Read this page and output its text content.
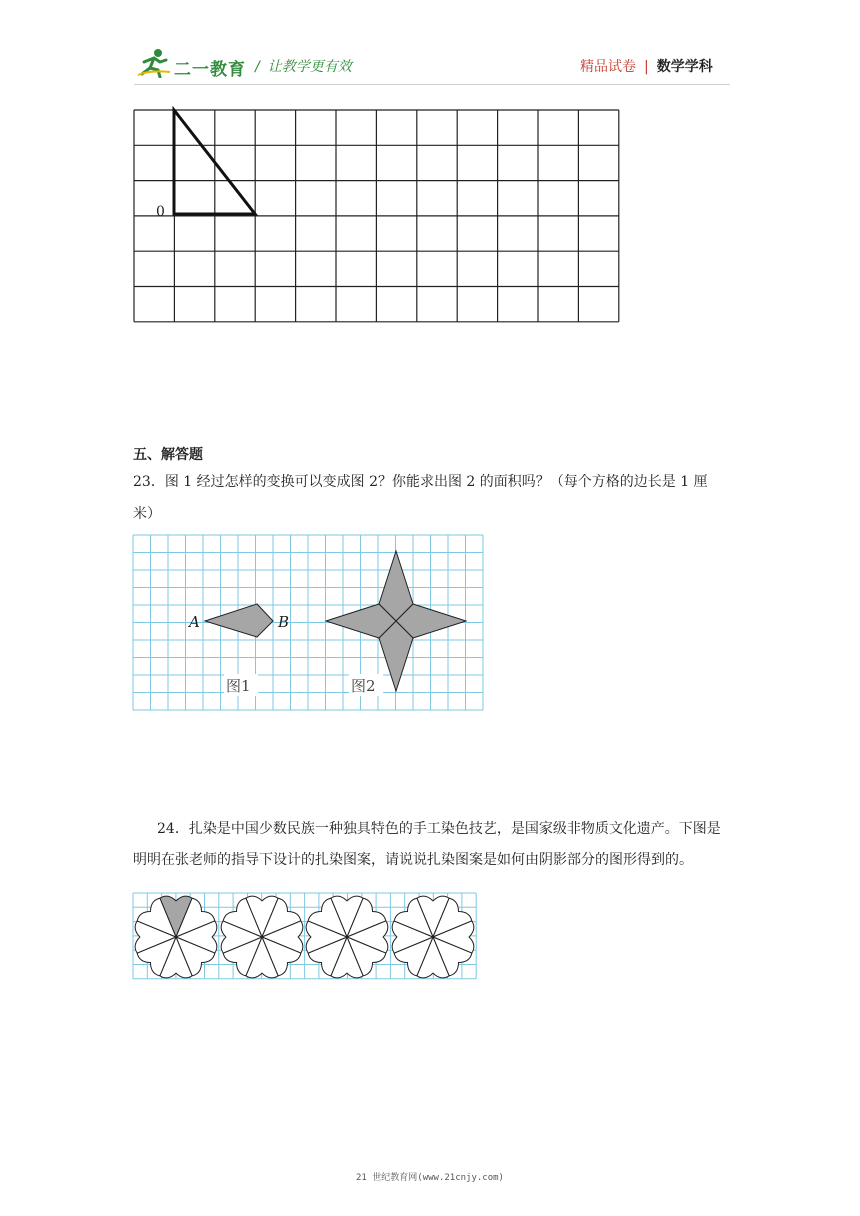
二一教育 / 让教学更有效	精品试卷 | 数学学科
0
五、解答题
23．图 1 经过怎样的变换可以变成图 2？你能求出图 2 的面积吗？（每个方格的边长是 1 厘
米）
A	B
图1	图2
24．扎染是中国少数民族一种独具特色的手工染色技艺，是国家级非物质文化遗产。下图是
明明在张老师的指导下设计的扎染图案，请说说扎染图案是如何由阴影部分的图形得到的。
21 世纪教育网(www.21cnjy.com)
